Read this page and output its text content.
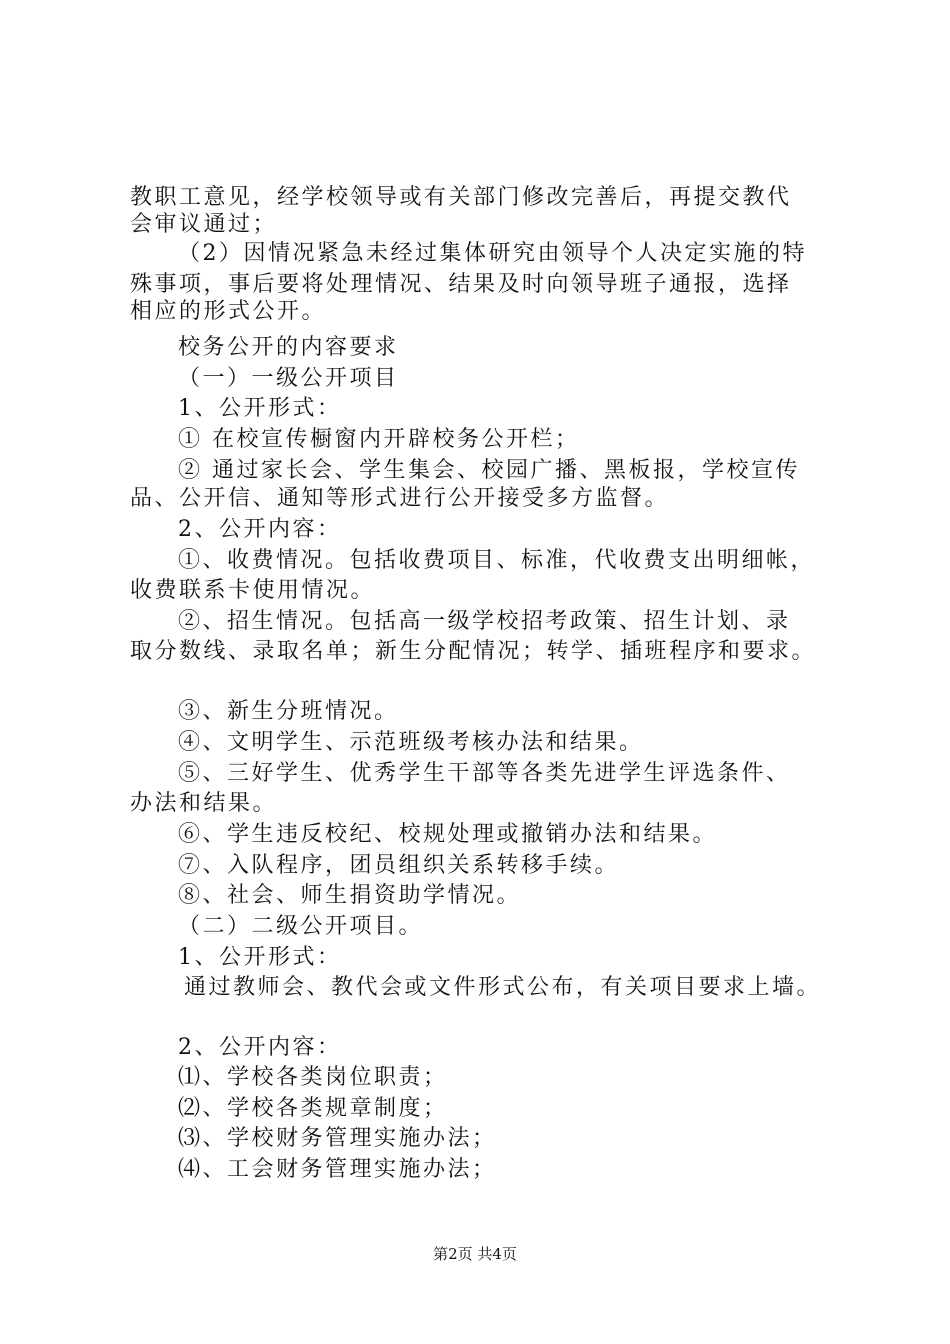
教职工意见，经学校领导或有关部门修改完善后，再提交教代
会审议通过；
（2）因情况紧急未经过集体研究由领导个人决定实施的特
殊事项，事后要将处理情况、结果及时向领导班子通报，选择
相应的形式公开。
校务公开的内容要求
（一）一级公开项目
1、公开形式：
① 在校宣传橱窗内开辟校务公开栏；
② 通过家长会、学生集会、校园广播、黑板报，学校宣传
品、公开信、通知等形式进行公开接受多方监督。
2、公开内容：
①、收费情况。包括收费项目、标准，代收费支出明细帐，
收费联系卡使用情况。
②、招生情况。包括高一级学校招考政策、招生计划、录
取分数线、录取名单；新生分配情况；转学、插班程序和要求。
③、新生分班情况。
④、文明学生、示范班级考核办法和结果。
⑤、三好学生、优秀学生干部等各类先进学生评选条件、
办法和结果。
⑥、学生违反校纪、校规处理或撤销办法和结果。
⑦、入队程序，团员组织关系转移手续。
⑧、社会、师生捐资助学情况。
（二）二级公开项目。
1、公开形式：
通过教师会、教代会或文件形式公布，有关项目要求上墙。
2、公开内容：
⑴、学校各类岗位职责；
⑵、学校各类规章制度；
⑶、学校财务管理实施办法；
⑷、工会财务管理实施办法；
第2页 共4页
